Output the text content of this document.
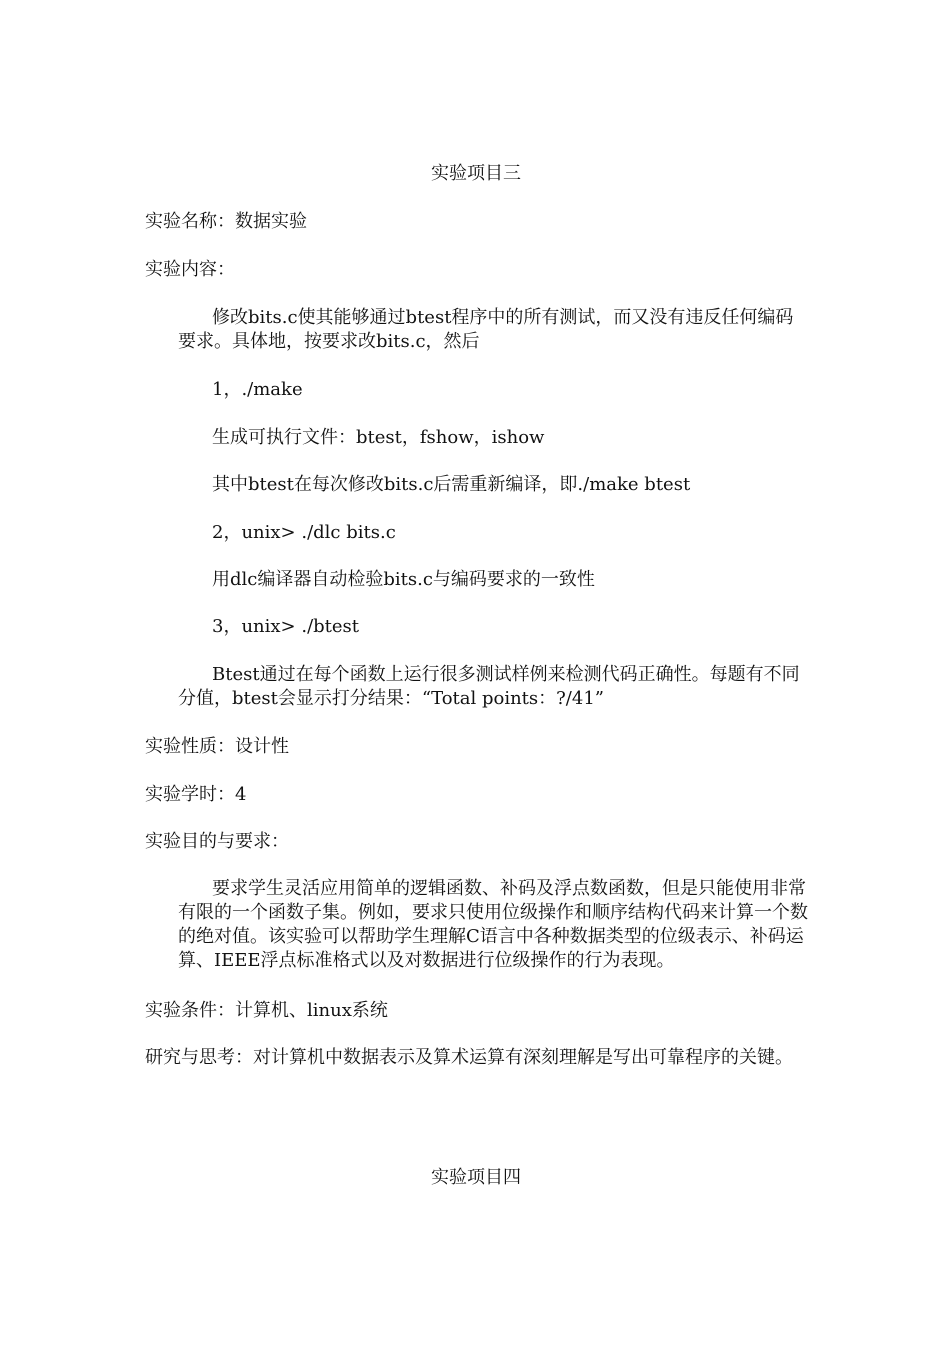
实验项目三
实验名称：数据实验
实验内容：
修改bits.c使其能够通过btest程序中的所有测试，而又没有违反任何编码要求。具体地，按要求改bits.c，然后
1，./make
生成可执行文件：btest，fshow，ishow
其中btest在每次修改bits.c后需重新编译，即./make btest
2，unix> ./dlc bits.c
用dlc编译器自动检验bits.c与编码要求的一致性
3，unix> ./btest
Btest通过在每个函数上运行很多测试样例来检测代码正确性。每题有不同分值，btest会显示打分结果：“Total points：?/41”
实验性质：设计性
实验学时：4
实验目的与要求：
要求学生灵活应用简单的逻辑函数、补码及浮点数函数，但是只能使用非常有限的一个函数子集。例如，要求只使用位级操作和顺序结构代码来计算一个数的绝对值。该实验可以帮助学生理解C语言中各种数据类型的位级表示、补码运算、IEEE浮点标准格式以及对数据进行位级操作的行为表现。
实验条件：计算机、linux系统
研究与思考：对计算机中数据表示及算术运算有深刻理解是写出可靠程序的关键。
实验项目四
